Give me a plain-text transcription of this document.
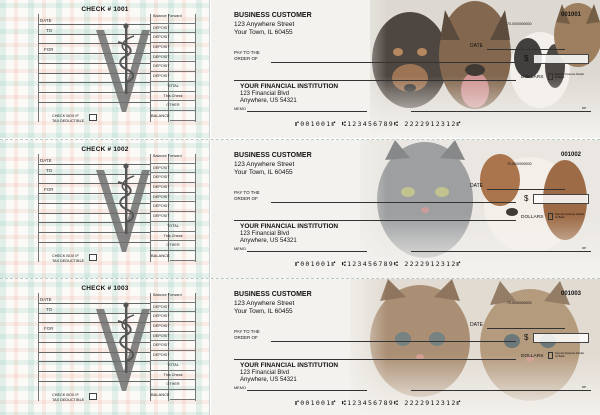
CHECK # 1001
DATE
TO
FOR
Balance Forward
DEPOSIT
DEPOSIT
DEPOSIT
DEPOSIT
DEPOSIT
DEPOSIT
TOTAL
This Check
OTHER
CHECK BOX IF
TAX DEDUCTIBLE
BALANCE
BUSINESS CUSTOMER
123 Anywhere Street
Your Town, IL 60455
001001
70-0000000000
DATE
PAY TO THE
ORDER OF	$
DOLLARS
Security Features Details on Back
YOUR FINANCIAL INSTITUTION
123 Financial Blvd
Anywhere, US 54321
MEMO	MP
⑈001001⑈ ⑆123456789⑆ 2222912312⑈
CHECK # 1002
DATE
TO
FOR
Balance Forward
DEPOSIT
DEPOSIT
DEPOSIT
DEPOSIT
DEPOSIT
DEPOSIT
TOTAL
This Check
OTHER
CHECK BOX IF
TAX DEDUCTIBLE
BALANCE
BUSINESS CUSTOMER
123 Anywhere Street
Your Town, IL 60455
001002
70-0000000000
DATE
PAY TO THE
ORDER OF	$
DOLLARS
Security Features Details on Back
YOUR FINANCIAL INSTITUTION
123 Financial Blvd
Anywhere, US 54321
MEMO	MP
⑈001001⑈ ⑆123456789⑆ 2222912312⑈
CHECK # 1003
DATE
TO
FOR
Balance Forward
DEPOSIT
DEPOSIT
DEPOSIT
DEPOSIT
DEPOSIT
DEPOSIT
TOTAL
This Check
OTHER
CHECK BOX IF
TAX DEDUCTIBLE
BALANCE
BUSINESS CUSTOMER
123 Anywhere Street
Your Town, IL 60455
001003
70-0000000000
DATE
PAY TO THE
ORDER OF	$
DOLLARS
Security Features Details on Back
YOUR FINANCIAL INSTITUTION
123 Financial Blvd
Anywhere, US 54321
MEMO	MP
⑈001001⑈ ⑆123456789⑆ 2222912312⑈
